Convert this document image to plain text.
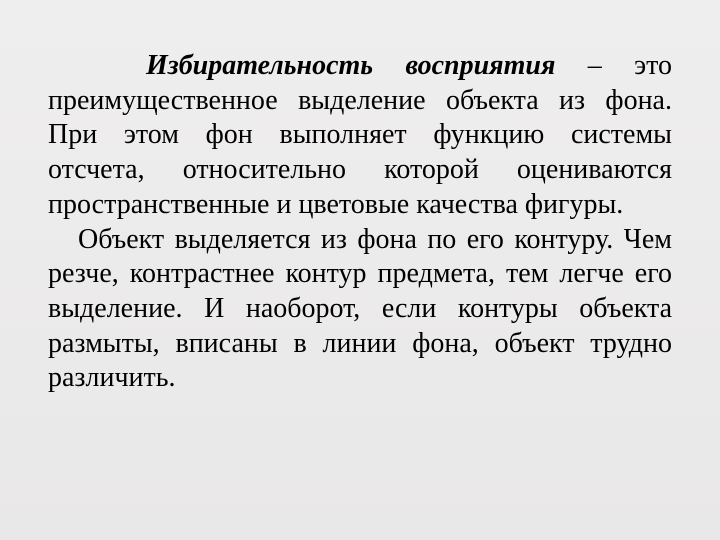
Избирательность восприятия – это преимущественное выделение объекта из фона. При этом фон выполняет функцию системы отсчета, относительно которой оцениваются пространственные и цветовые качества фигуры.

Объект выделяется из фона по его контуру. Чем резче, контрастнее контур предмета, тем легче его выделение. И наоборот, если контуры объекта размыты, вписаны в линии фона, объект трудно различить.
